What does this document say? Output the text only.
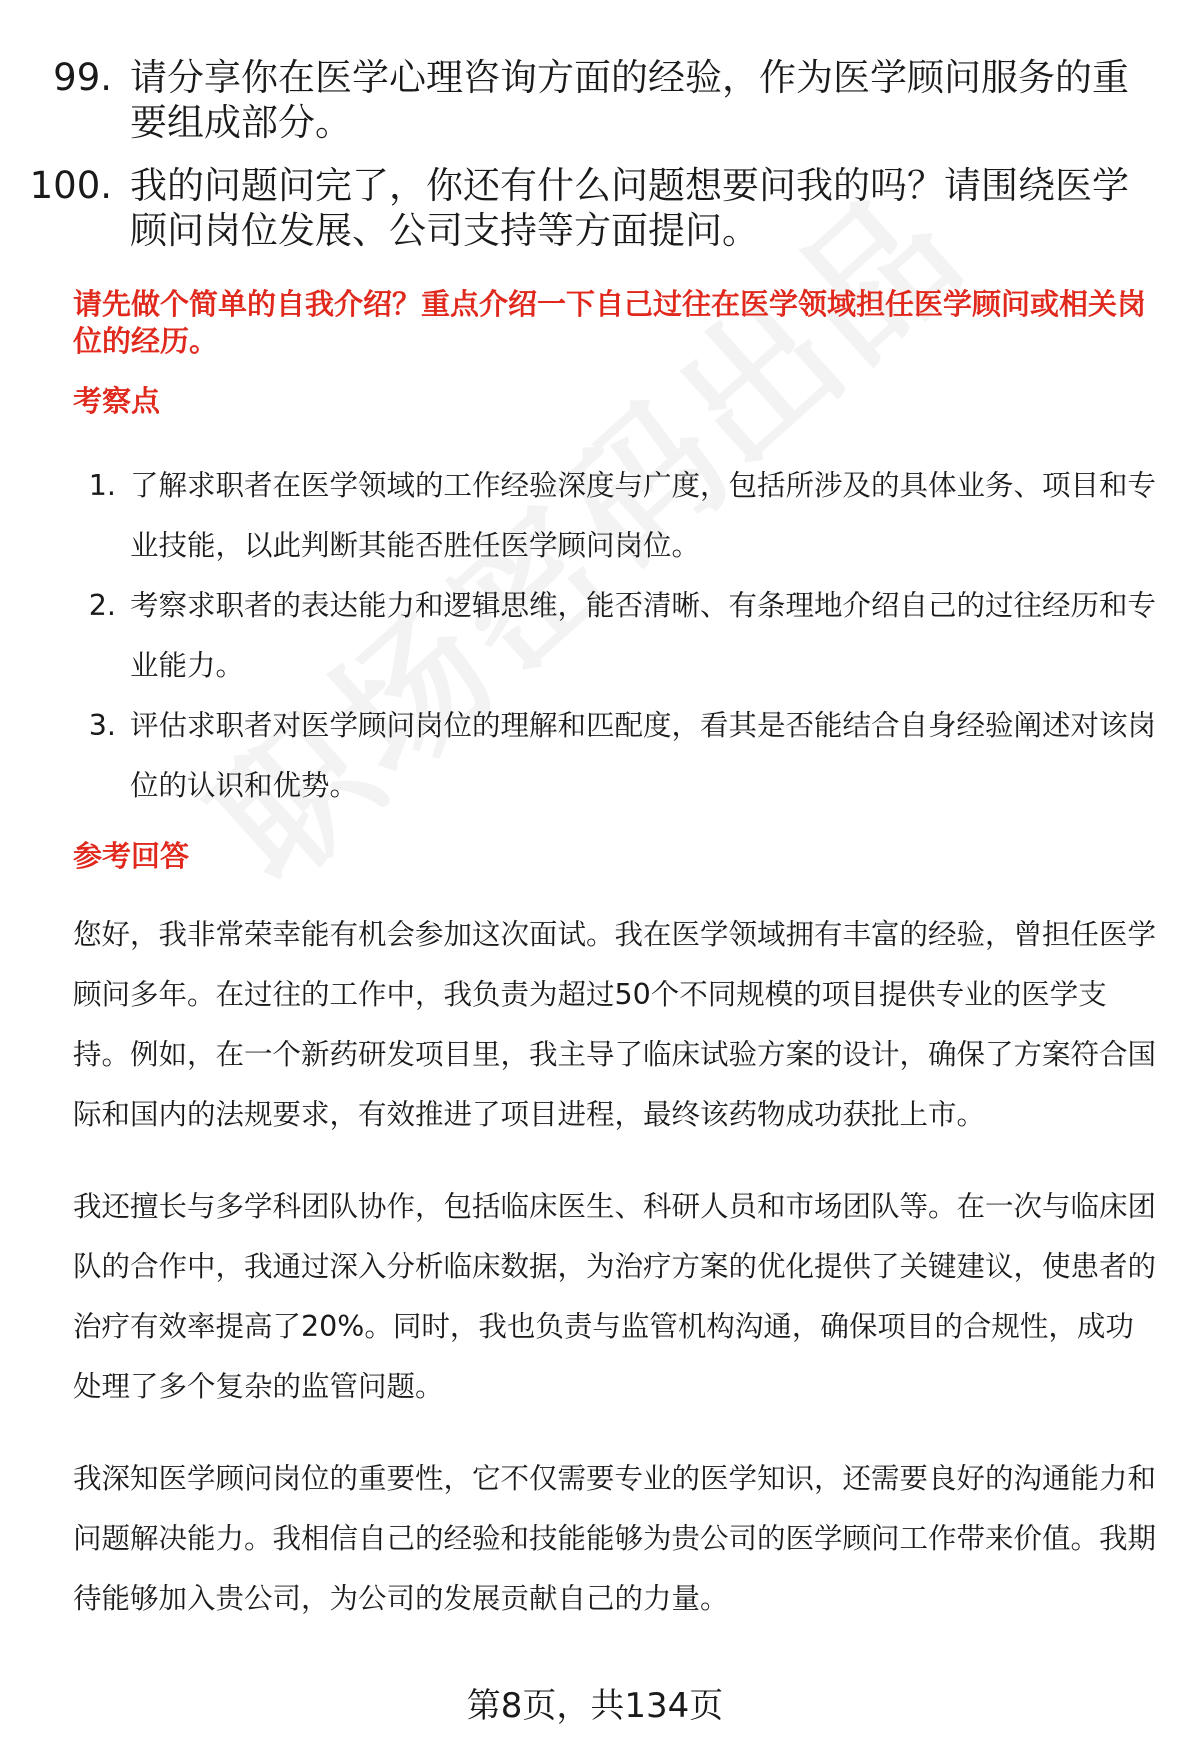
99. 请分享你在医学心理咨询方面的经验，作为医学顾问服务的重要组成部分。
100. 我的问题问完了，你还有什么问题想要问我的吗？请围绕医学顾问岗位发展、公司支持等方面提问。
请先做个简单的自我介绍？重点介绍一下自己过往在医学领域担任医学顾问或相关岗位的经历。
考察点
1. 了解求职者在医学领域的工作经验深度与广度，包括所涉及的具体业务、项目和专业技能，以此判断其能否胜任医学顾问岗位。
2. 考察求职者的表达能力和逻辑思维，能否清晰、有条理地介绍自己的过往经历和专业能力。
3. 评估求职者对医学顾问岗位的理解和匹配度，看其是否能结合自身经验阐述对该岗位的认识和优势。
参考回答

您好，我非常荣幸能有机会参加这次面试。我在医学领域拥有丰富的经验，曾担任医学顾问多年。在过往的工作中，我负责为超过50个不同规模的项目提供专业的医学支持。例如，在一个新药研发项目里，我主导了临床试验方案的设计，确保了方案符合国际和国内的法规要求，有效推进了项目进程，最终该药物成功获批上市。

我还擅长与多学科团队协作，包括临床医生、科研人员和市场团队等。在一次与临床团队的合作中，我通过深入分析临床数据，为治疗方案的优化提供了关键建议，使患者的治疗有效率提高了20%。同时，我也负责与监管机构沟通，确保项目的合规性，成功处理了多个复杂的监管问题。

我深知医学顾问岗位的重要性，它不仅需要专业的医学知识，还需要良好的沟通能力和问题解决能力。我相信自己的经验和技能能够为贵公司的医学顾问工作带来价值。我期待能够加入贵公司，为公司的发展贡献自己的力量。

第8页，共134页
